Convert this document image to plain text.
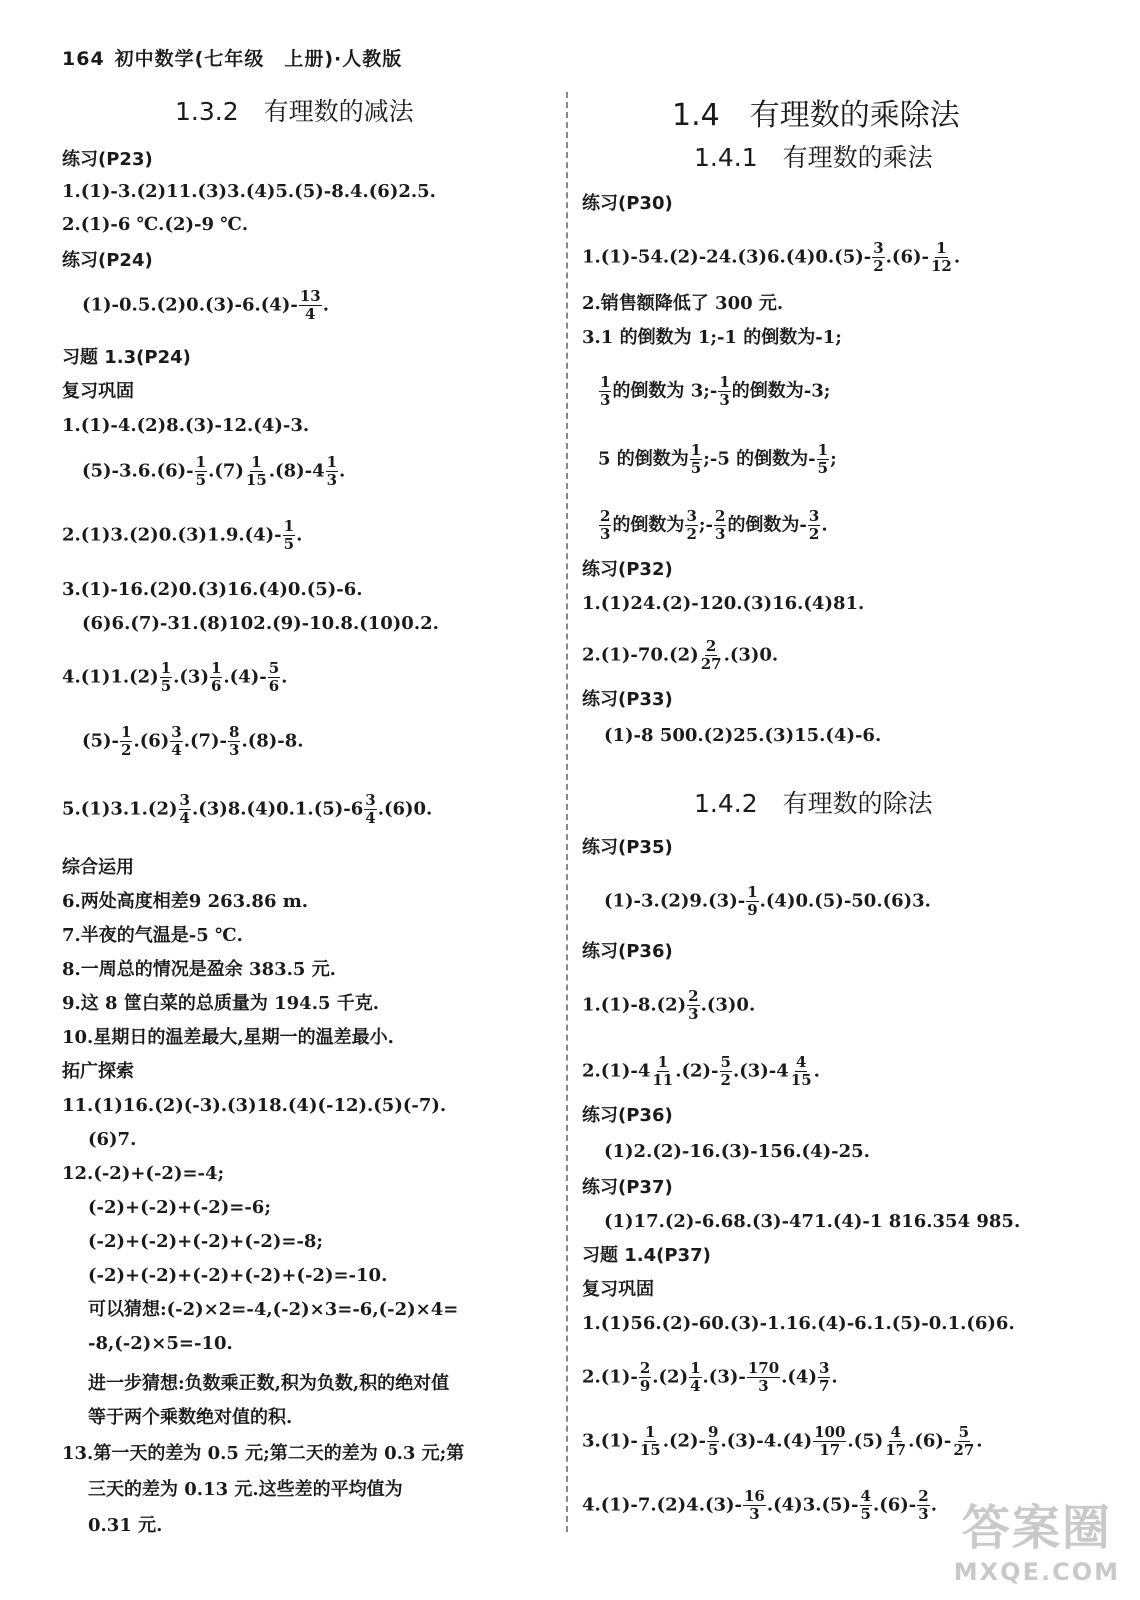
164 初中数学(七年级　上册)·人教版
1.3.2　有理数的减法
练习(P23)
1.(1)-3.(2)11.(3)3.(4)5.(5)-8.4.(6)2.5.
2.(1)-6 ℃.(2)-9 ℃.
练习(P24)
$(1)-0.5.(2)0.(3)-6.(4)- \frac{13}{4}$ .
习题 1.3(P24)
复习巩固
1.(1)-4.(2)8.(3)-12.(4)-3.
$(5)-3.6.(6)- \frac{1}{5} .(7) \frac{1}{15} .(8)-4 \frac{1}{3}$ .
$2.(1)3.(2)0.(3)1.9.(4)- \frac{1}{5}$ .
3.(1)-16.(2)0.(3)16.(4)0.(5)-6.
(6)6.(7)-31.(8)102.(9)-10.8.(10)0.2.
$4.(1)1.(2) \frac{1}{5} .(3) \frac{1}{6} .(4)- \frac{5}{6}$ .
$(5)- \frac{1}{2} .(6) \frac{3}{4} .(7)- \frac{8}{3} .(8)-8$.
$5.(1)3.1.(2) \frac{3}{4} .(3)8.(4)0.1.(5)-6 \frac{3}{4} .(6)0$.
综合运用
6.两处高度相差9 263.86 m.
7.半夜的气温是-5 ℃.
8.一周总的情况是盈余 383.5 元.
9.这 8 筐白菜的总质量为 194.5 千克.
10.星期日的温差最大,星期一的温差最小.
拓广探索
11.(1)16.(2)(-3).(3)18.(4)(-12).(5)(-7).
(6)7.
12.(-2)+(-2)=-4;
(-2)+(-2)+(-2)=-6;
(-2)+(-2)+(-2)+(-2)=-8;
(-2)+(-2)+(-2)+(-2)+(-2)=-10.
可以猜想:(-2)×2=-4,(-2)×3=-6,(-2)×4=
-8,(-2)×5=-10.
进一步猜想:负数乘正数,积为负数,积的绝对值
等于两个乘数绝对值的积.
13.第一天的差为 0.5 元;第二天的差为 0.3 元;第
三天的差为 0.13 元.这些差的平均值为
0.31 元.
1.4　有理数的乘除法
1.4.1　有理数的乘法
练习(P30)
$1.(1)-54.(2)-24.(3)6.(4)0.(5)- \frac{3}{2} .(6)- \frac{1}{12}$ .
2.销售额降低了 300 元.
3.1 的倒数为 1;-1 的倒数为-1;
$\frac{1}{3}$ 的倒数为 3;- $\frac{1}{3}$ 的倒数为-3;
5 的倒数为 $\frac{1}{5}$ ;-5 的倒数为- $\frac{1}{5}$ ;
$\frac{2}{3}$ 的倒数为 $\frac{3}{2}$ ;- $\frac{2}{3}$ 的倒数为- $\frac{3}{2}$ .
练习(P32)
1.(1)24.(2)-120.(3)16.(4)81.
$2.(1)-70.(2) \frac{2}{27} .(3)0$.
练习(P33)
(1)-8 500.(2)25.(3)15.(4)-6.
1.4.2　有理数的除法
练习(P35)
$(1)-3.(2)9.(3)- \frac{1}{9} .(4)0.(5)-50.(6)3$.
练习(P36)
$1.(1)-8.(2) \frac{2}{3} .(3)0$.
$2.(1)-4 \frac{1}{11} .(2)- \frac{5}{2} .(3)-4 \frac{4}{15}$ .
练习(P36)
(1)2.(2)-16.(3)-156.(4)-25.
练习(P37)
(1)17.(2)-6.68.(3)-471.(4)-1 816.354 985.
习题 1.4(P37)
复习巩固
1.(1)56.(2)-60.(3)-1.16.(4)-6.1.(5)-0.1.(6)6.
$2.(1)- \frac{2}{9} .(2) \frac{1}{4} .(3)- \frac{170}{3} .(4) \frac{3}{7}$ .
$3.(1)- \frac{1}{15} .(2)- \frac{9}{5} .(3)-4.(4) \frac{100}{17} .(5) \frac{4}{17} .(6)- \frac{5}{27}$ .
$4.(1)-7.(2)4.(3)- \frac{16}{3} .(4)3.(5)- \frac{4}{5} .(6)- \frac{2}{3}$ . 答案圈
MXQE.COM
